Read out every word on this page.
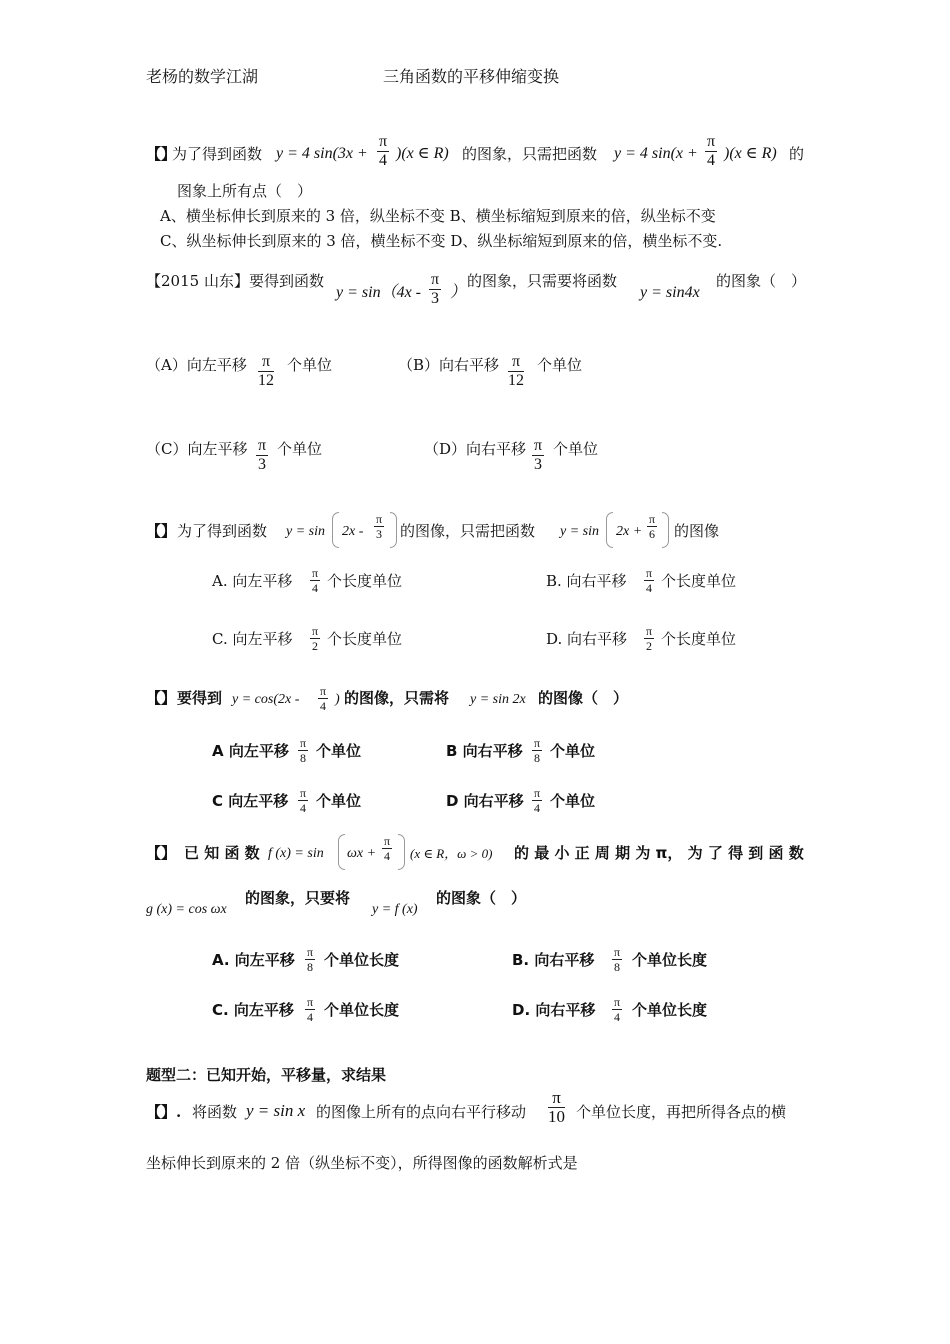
老杨的数学江湖	三角函数的平移伸缩变换
【】
为了得到函数 y = 4 $\sin(3x + \frac{\pi}{4} )(x$ ∈ R) 的图象，只需把函数 y = 4 $\sin(x + \frac{\pi}{4} )(x$ ∈ R) 的
图象上所有点（　）
A、横坐标伸长到原来的 3 倍，纵坐标不变 B、横坐标缩短到原来的倍，纵坐标不变
C、纵坐标伸长到原来的 3 倍，横坐标不变 D、纵坐标缩短到原来的倍，横坐标不变.
【2015 山东】要得到函数
$y = \sin(4x - \frac{\pi}{3}$ ）
的图象，只需要将函数
y = sin4x
的图象（　）
（A）向左平移 $\frac{\pi}{12}$ 个单位	（B）向右平移 $\frac{\pi}{12}$ 个单位
（C）向左平移 $\frac{\pi}{3}$ 个单位	（D）向右平移 $\frac{\pi}{3}$ 个单位
【】 为了得到函数 $y = \sin 2x - \frac{\pi}{3}$ 的图像，只需把函数 $y = \sin 2x + \frac{\pi}{6}$ 的图像
A. 向左平移 $\frac{\pi}{4}$ 个长度单位	B. 向右平移 $\frac{\pi}{4}$ 个长度单位
C. 向左平移 $\frac{\pi}{2}$ 个长度单位	D. 向右平移 $\frac{\pi}{2}$ 个长度单位
【】 要得到 $y = \cos(2x - \frac{\pi}{4}$ ) 的图像，只需将 y = sin 2x 的图像（　）
A 向左平移 $\frac{\pi}{8}$ 个单位	B 向右平移 $\frac{\pi}{8}$ 个单位
C 向左平移 $\frac{\pi}{4}$ 个单位	D 向右平移 $\frac{\pi}{4}$ 个单位
【】 已 知 函 数 f $(x) = \sin \omega x + \frac{\pi}{4} (x$ ∈ R，ω > 0) 的 最 小 正 周 期 为 π， 为 了 得 到 函 数
g (x) = cos ωx
的图象，只要将
y = f (x)
的图象（　）
A. 向左平移 $\frac{\pi}{8}$ 个单位长度	B. 向右平移 $\frac{\pi}{8}$ 个单位长度
C. 向左平移 $\frac{\pi}{4}$ 个单位长度	D. 向右平移 $\frac{\pi}{4}$ 个单位长度
题型二：已知开始，平移量，求结果
【】. 将函数 y = sin x 的图像上所有的点向右平行移动 $\frac{\pi}{10}$ 个单位长度，再把所得各点的横
坐标伸长到原来的 2 倍（纵坐标不变），所得图像的函数解析式是
